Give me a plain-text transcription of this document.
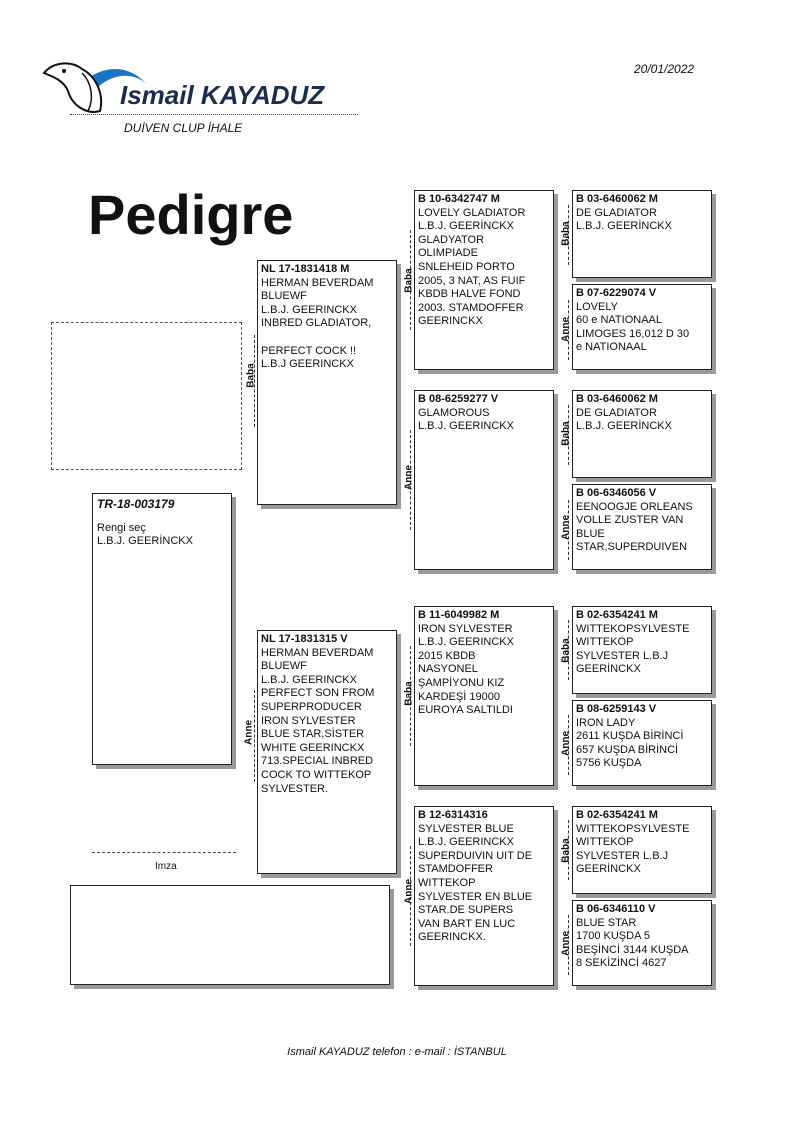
Ismail KAYADUZ
DUİVEN CLUP İHALE
20/01/2022
Pedigre
TR-18-003179
Rengi seç
L.B.J. GEERİNCKX
Imza
Baba
NL 17-1831418 M
HERMAN BEVERDAM
BLUEWF
L.B.J. GEERINCKX
INBRED GLADIATOR,

PERFECT COCK !!
L.B.J GEERINCKX
Anne
NL 17-1831315 V
HERMAN BEVERDAM
BLUEWF
L.B.J. GEERINCKX
PERFECT SON FROM
SUPERPRODUCER
IRON SYLVESTER
BLUE STAR,SİSTER
WHITE GEERINCKX
713.SPECIAL INBRED
COCK TO WITTEKOP
SYLVESTER.
Baba
B 10-6342747 M
LOVELY GLADIATOR
L.B.J. GEERİNCKX
GLADYATOR
OLIMPIADE
SNLEHEID PORTO
2005, 3 NAT, AS FUIF
KBDB HALVE FOND
2003. STAMDOFFER
GEERINCKX
Anne
B 08-6259277 V
GLAMOROUS
L.B.J. GEERINCKX
Baba
B 11-6049982 M
IRON SYLVESTER
L.B.J. GEERINCKX
2015 KBDB
NASYONEL
ŞAMPİYONU KIZ
KARDEŞİ 19000
EUROYA SALTILDI
Anne
B 12-6314316
SYLVESTER BLUE
L.B.J. GEERINCKX
SUPERDUIVIN UIT DE
STAMDOFFER
WITTEKOP
SYLVESTER EN BLUE
STAR.DE SUPERS
VAN BART EN LUC
GEERINCKX.
Baba
B 03-6460062 M
DE GLADIATOR
L.B.J. GEERİNCKX
Anne
B 07-6229074 V
LOVELY
60 e NATIONAAL
LIMOGES 16,012 D 30
e NATIONAAL
Baba
B 03-6460062 M
DE GLADIATOR
L.B.J. GEERİNCKX
Anne
B 06-6346056 V
EENOOGJE ORLEANS
VOLLE ZUSTER VAN
BLUE
STAR,SUPERDUIVEN
Baba
B 02-6354241 M
WITTEKOPSYLVESTE
WITTEKOP
SYLVESTER L.B.J
GEERİNCKX
Anne
B 08-6259143 V
IRON LADY
2611 KUŞDA BİRİNCİ
657 KUŞDA BİRİNCİ
5756 KUŞDA
Baba
B 02-6354241 M
WITTEKOPSYLVESTE
WITTEKOP
SYLVESTER L.B.J
GEERİNCKX
Anne
B 06-6346110 V
BLUE STAR
1700 KUŞDA 5
BEŞİNCİ 3144 KUŞDA
8 SEKİZİNCİ 4627
Ismail KAYADUZ telefon : e-mail : İSTANBUL
